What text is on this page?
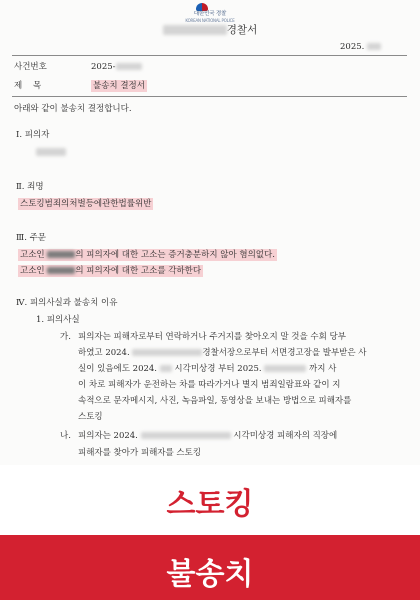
대한민국 경찰
KOREAN NATIONAL POLICE
경찰서
2025.
사건번호	2025-
제    목	불송치 결정서
아래와 같이 불송치 결정합니다.
Ⅰ. 피의자
Ⅱ. 죄명
스토킹범죄의처벌등에관한법률위반
Ⅲ. 주문
고소인	의 피의자에 대한 고소는 증거충분하지 않아 혐의없다.
고소인	의 피의자에 대한 고소를 각하한다
Ⅳ. 피의사실과 불송치 이유
1. 피의사실
가. 피의자는 피해자로부터 연락하거나 주거지를 찾아오지 말 것을 수회 당부
하였고 2024.	경찰서장으로부터 서면경고장을 발부받은 사
실이 있음에도 2024. 시각미상경 부터 2025.	까지 사
이 차로 피해자가 운전하는 차를 따라가거나 별지 범죄일람표와 같이 지
속적으로 문자메시지, 사진, 녹음파일, 동영상을 보내는 방법으로 피해자를
스토킹
나. 피의자는 2024.	시각미상경 피해자의 직장에
피해자를 찾아가 피해자를 스토킹
스토킹
불송치
